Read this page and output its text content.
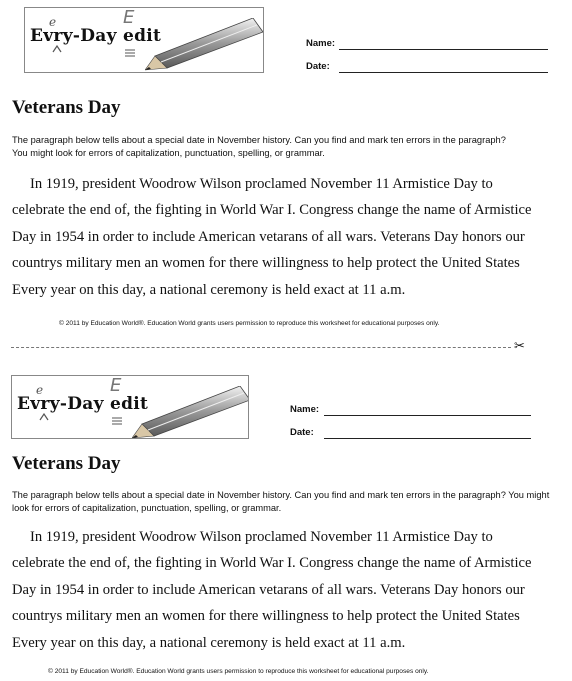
e	E
Evry-Day edit	Name:
Date:
Veterans Day
The paragraph below tells about a special date in November history. Can you find and mark ten errors in the paragraph? You might look for errors of capitalization, punctuation, spelling, or grammar.
In 1919, president Woodrow Wilson proclamed November 11 Armistice Day to celebrate the end of, the fighting in World War I. Congress change the name of Armistice Day in 1954 in order to include American vetarans of all wars. Veterans Day honors our countrys military men an women for there willingness to help protect the United States Every year on this day, a national ceremony is held exact at 11 a.m.
© 2011 by Education World®. Education World grants users permission to reproduce this worksheet for educational purposes only.
✂
e	E
Evry-Day edit	Name:
Date:
Veterans Day
The paragraph below tells about a special date in November history. Can you find and mark ten errors in the paragraph? You might look for errors of capitalization, punctuation, spelling, or grammar.
In 1919, president Woodrow Wilson proclamed November 11 Armistice Day to celebrate the end of, the fighting in World War I. Congress change the name of Armistice Day in 1954 in order to include American vetarans of all wars. Veterans Day honors our countrys military men an women for there willingness to help protect the United States Every year on this day, a national ceremony is held exact at 11 a.m.
© 2011 by Education World®. Education World grants users permission to reproduce this worksheet for educational purposes only.
